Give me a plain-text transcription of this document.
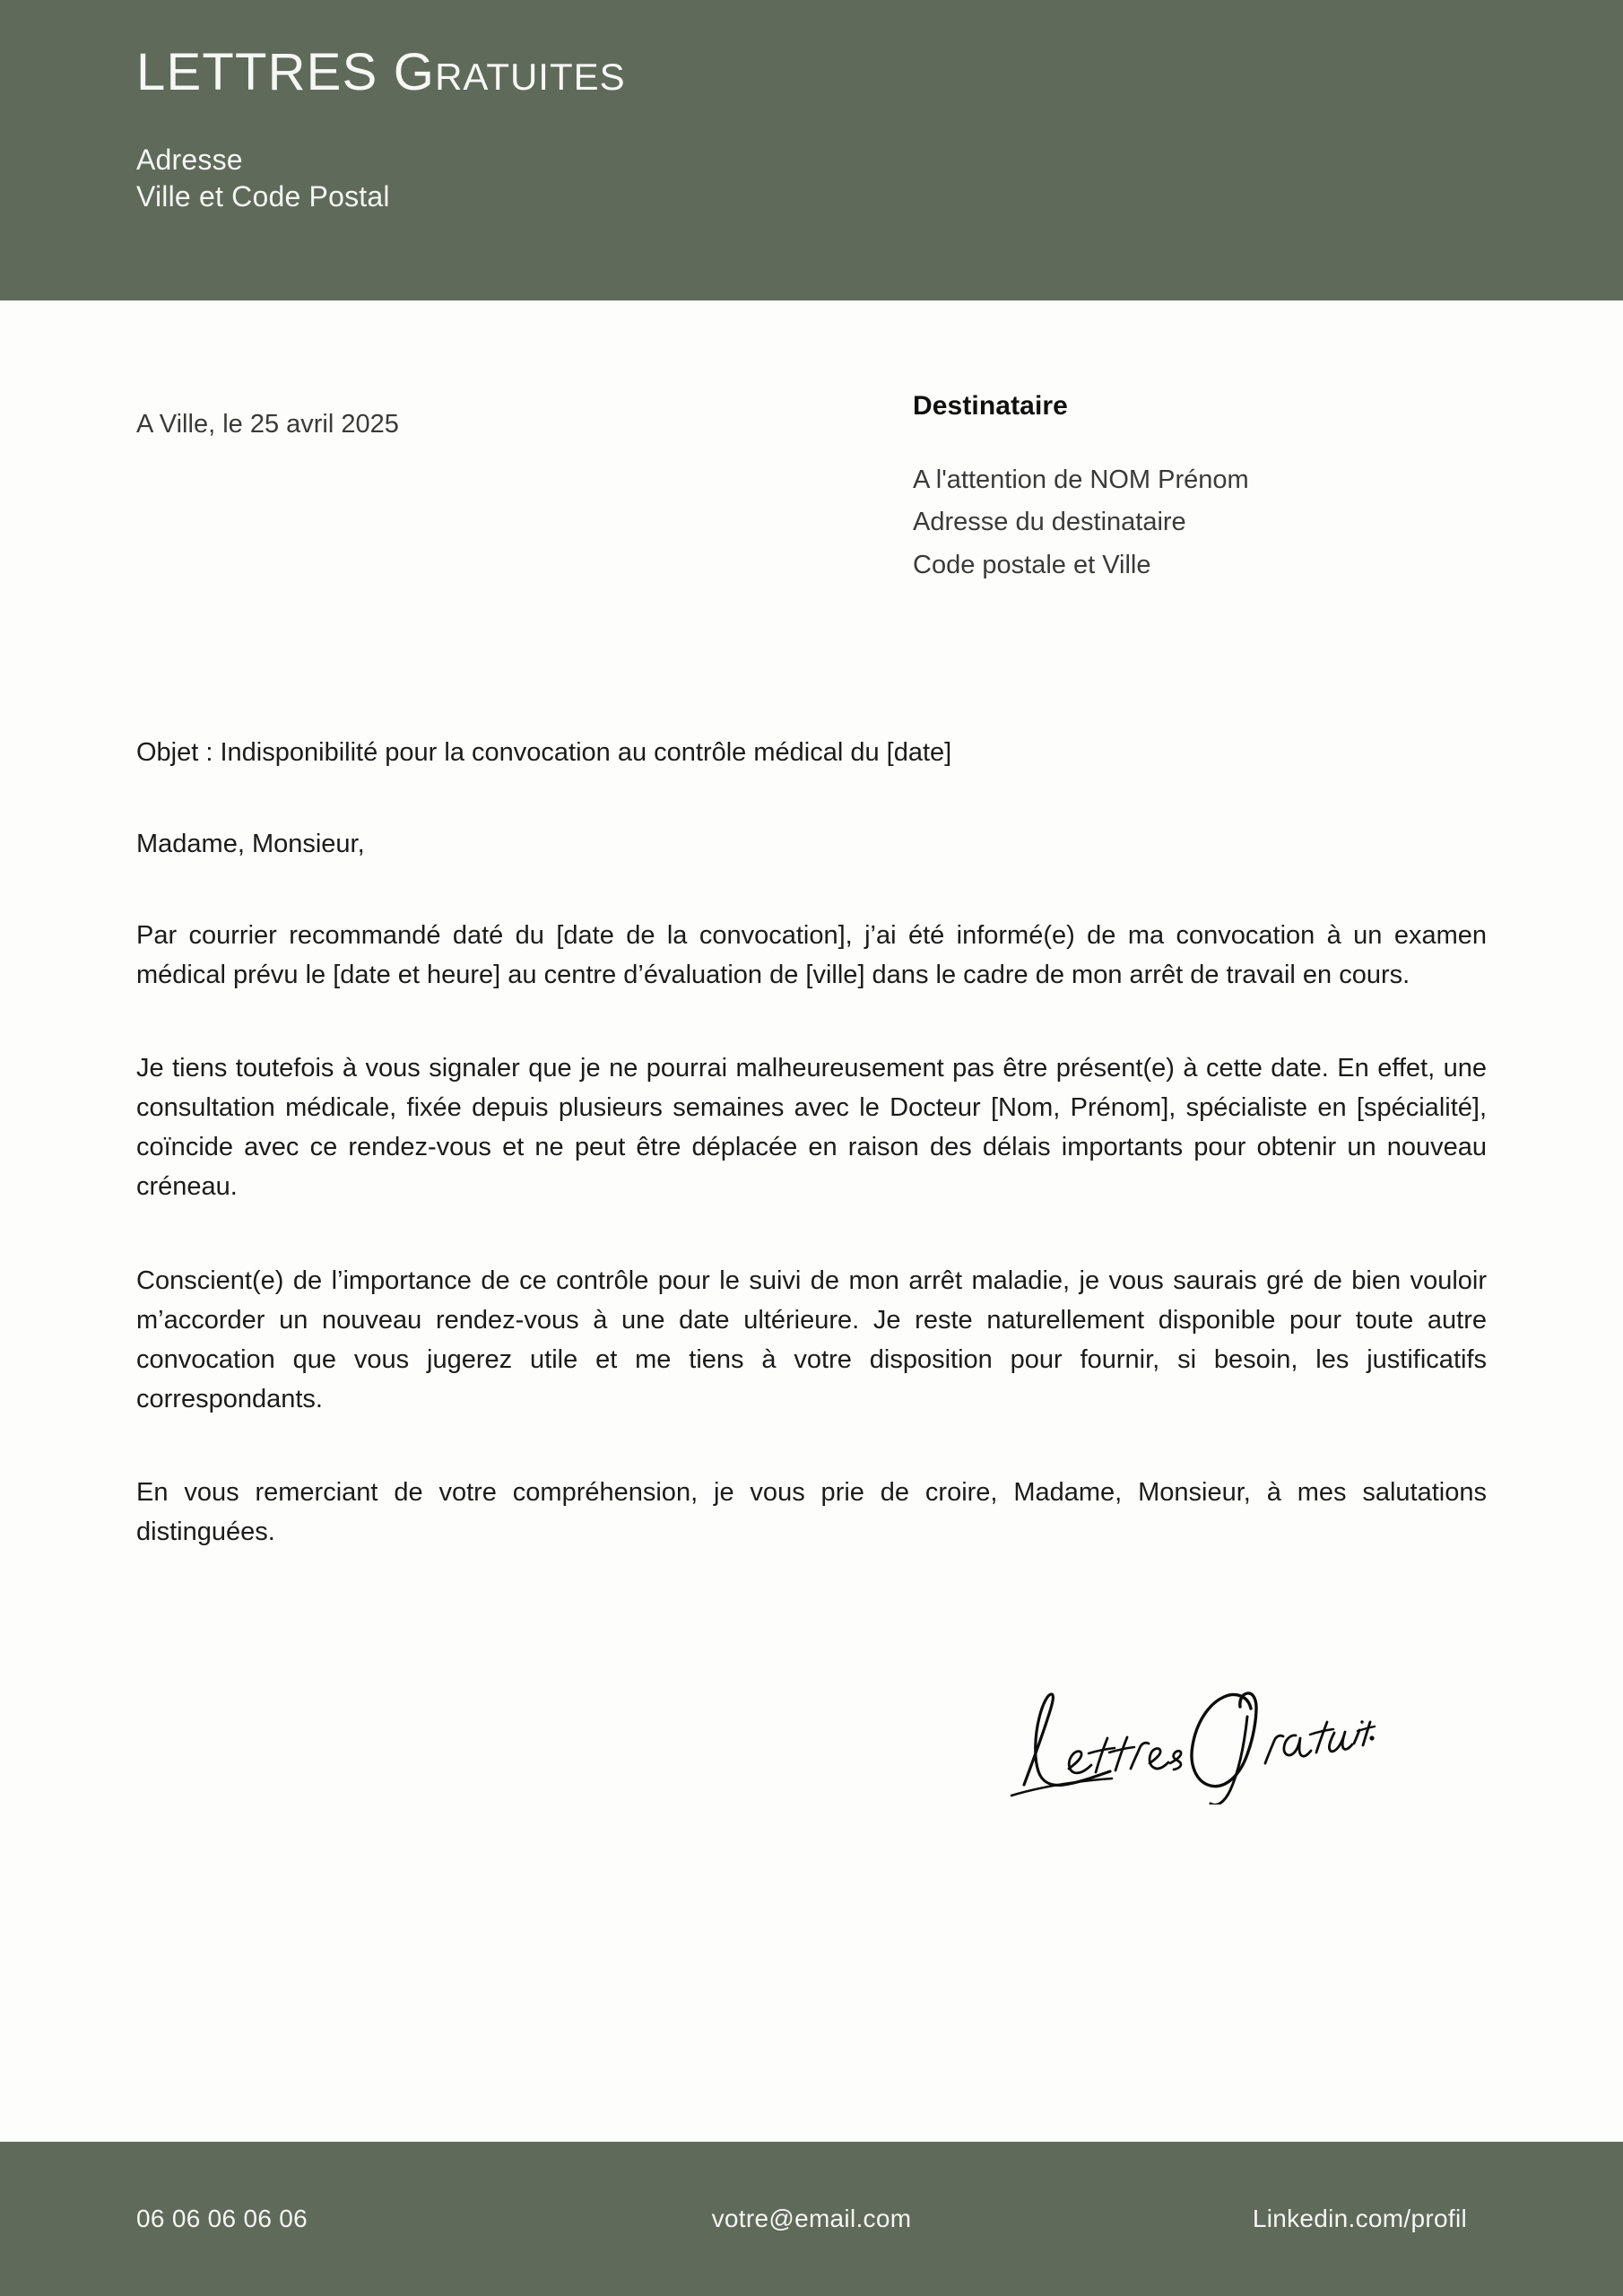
LETTRES GRATUITES
Adresse
Ville et Code Postal
A Ville, le 25 avril 2025
Destinataire
A l'attention de NOM Prénom
Adresse du destinataire
Code postale et Ville
Objet : Indisponibilité pour la convocation au contrôle médical du [date]
Madame, Monsieur,

Par courrier recommandé daté du [date de la convocation], j’ai été informé(e) de ma convocation à un examen médical prévu le [date et heure] au centre d’évaluation de [ville] dans le cadre de mon arrêt de travail en cours.

Je tiens toutefois à vous signaler que je ne pourrai malheureusement pas être présent(e) à cette date. En effet, une consultation médicale, fixée depuis plusieurs semaines avec le Docteur [Nom, Prénom], spécialiste en [spécialité], coïncide avec ce rendez-vous et ne peut être déplacée en raison des délais importants pour obtenir un nouveau créneau.

Conscient(e) de l’importance de ce contrôle pour le suivi de mon arrêt maladie, je vous saurais gré de bien vouloir m’accorder un nouveau rendez-vous à une date ultérieure. Je reste naturellement disponible pour toute autre convocation que vous jugerez utile et me tiens à votre disposition pour fournir, si besoin, les justificatifs correspondants.

En vous remerciant de votre compréhension, je vous prie de croire, Madame, Monsieur, à mes salutations distinguées.

06 06 06 06 06	votre@email.com	Linkedin.com/profil
